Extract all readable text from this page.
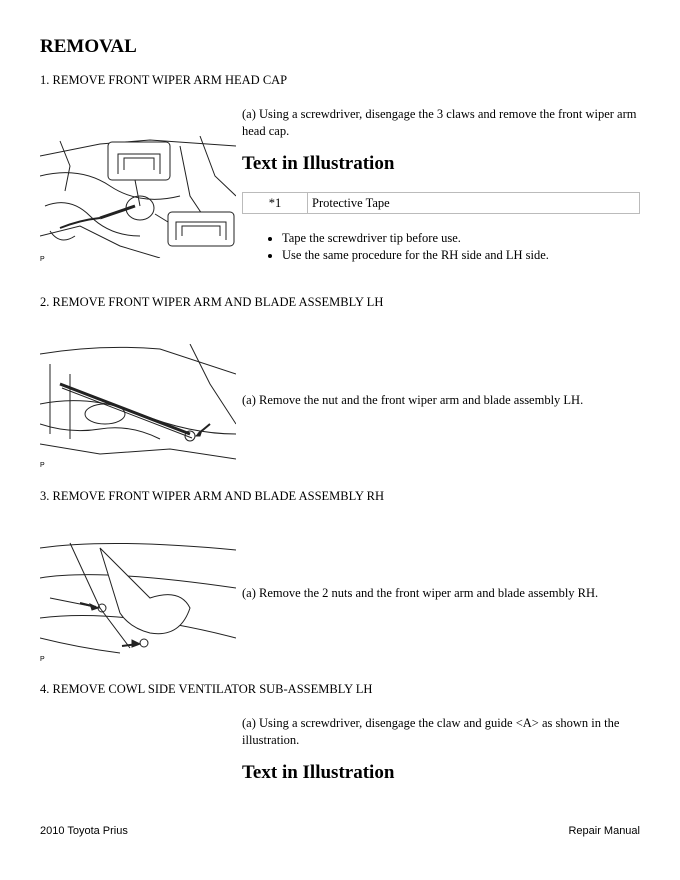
REMOVAL
1. REMOVE FRONT WIPER ARM HEAD CAP
(a) Using a screwdriver, disengage the 3 claws and remove the front wiper arm head cap.
Text in Illustration
*1	Protective Tape
• Tape the screwdriver tip before use.
• Use the same procedure for the RH side and LH side.
P
2. REMOVE FRONT WIPER ARM AND BLADE ASSEMBLY LH
(a) Remove the nut and the front wiper arm and blade assembly LH.
P
3. REMOVE FRONT WIPER ARM AND BLADE ASSEMBLY RH
(a) Remove the 2 nuts and the front wiper arm and blade assembly RH.
P
4. REMOVE COWL SIDE VENTILATOR SUB-ASSEMBLY LH
(a) Using a screwdriver, disengage the claw and guide <A> as shown in the illustration.
Text in Illustration
2010 Toyota Prius	Repair Manual
